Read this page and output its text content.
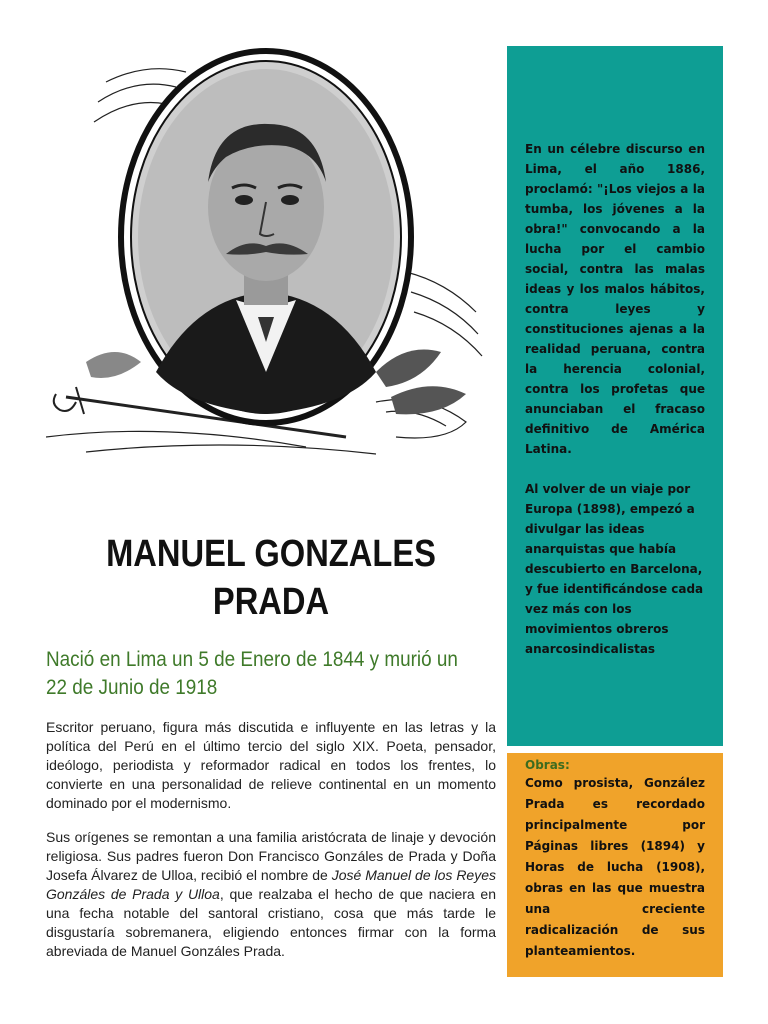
MANUEL GONZALES PRADA

Nació en Lima un 5 de Enero de 1844 y murió un 22 de Junio de 1918

Escritor peruano, figura más discutida e influyente en las letras y la política del Perú en el último tercio del siglo XIX. Poeta, pensador, ideólogo, periodista y reformador radical en todos los frentes, lo convierte en una personalidad de relieve continental en un momento dominado por el modernismo.

Sus orígenes se remontan a una familia aristócrata de linaje y devoción religiosa. Sus padres fueron Don Francisco Gonzáles de Prada y Doña Josefa Álvarez de Ulloa, recibió el nombre de José Manuel de los Reyes Gonzáles de Prada y Ulloa, que realzaba el hecho de que naciera en una fecha notable del santoral cristiano, cosa que más tarde le disgustaría sobremanera, eligiendo entonces firmar con la forma abreviada de Manuel Gonzáles Prada.

En un célebre discurso en Lima, el año 1886, proclamó: "¡Los viejos a la tumba, los jóvenes a la obra!" convocando a la lucha por el cambio social, contra las malas ideas y los malos hábitos, contra leyes y constituciones ajenas a la realidad peruana, contra la herencia colonial, contra los profetas que anunciaban el fracaso definitivo de América Latina.

Al volver de un viaje por Europa (1898), empezó a divulgar las ideas anarquistas que había descubierto en Barcelona, y fue identificándose cada vez más con los movimientos obreros anarcosindicalistas

Obras:

Como prosista, González Prada es recordado principalmente por Páginas libres (1894) y Horas de lucha (1908), obras en las que muestra una creciente radicalización de sus planteamientos.
